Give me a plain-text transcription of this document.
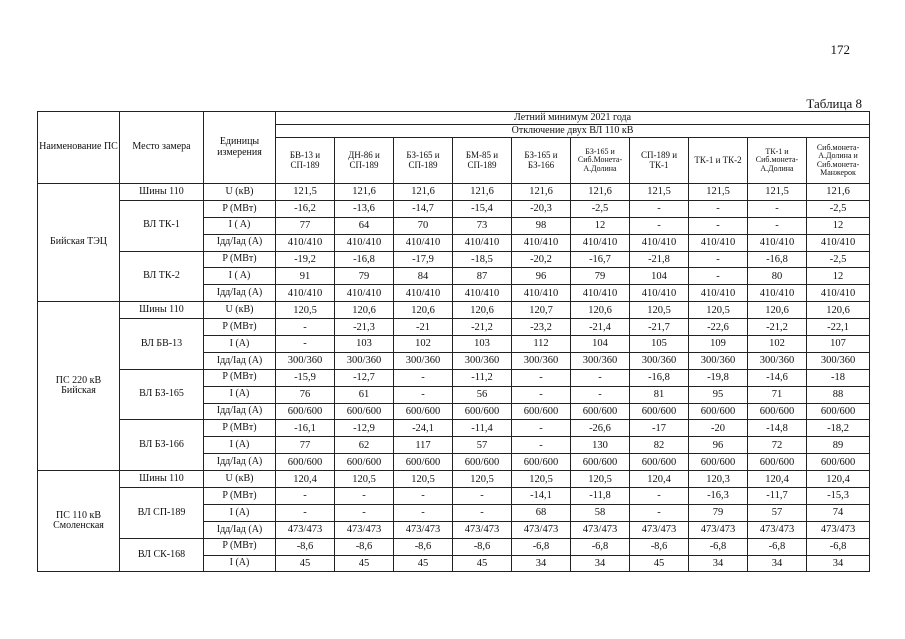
172
Таблица 8
Наименование ПС	Место замера	Единицы измерения	Летний минимум 2021 года									
			Отключение двух ВЛ 110 кВ									
			БВ-13 и СП-189	ДН-86 и СП-189	БЗ-165 и СП-189	БМ-85 и СП-189	БЗ-165 и БЗ-166	БЗ-165 и Сиб.Монета-А.Долина	СП-189 и ТК-1	ТК-1 и ТК-2	ТК-1 и Сиб.монета-А.Долина	Сиб.монета-А.Долина и Сиб.монета-Манжерок
Бийская ТЭЦ	Шины 110	U (кВ)	121,5	121,6	121,6	121,6	121,6	121,6	121,5	121,5	121,5	121,6
	ВЛ ТК-1	P (МВт)	-16,2	-13,6	-14,7	-15,4	-20,3	-2,5	-	-	-	-2,5
		I ( A)	77	64	70	73	98	12	-	-	-	12
		Iдд/Iад (A)	410/410	410/410	410/410	410/410	410/410	410/410	410/410	410/410	410/410	410/410
	ВЛ ТК-2	P (МВт)	-19,2	-16,8	-17,9	-18,5	-20,2	-16,7	-21,8	-	-16,8	-2,5
		I ( A)	91	79	84	87	96	79	104	-	80	12
		Iдд/Iад (A)	410/410	410/410	410/410	410/410	410/410	410/410	410/410	410/410	410/410	410/410
ПС 220 кВ Бийская	Шины 110	U (кВ)	120,5	120,6	120,6	120,6	120,7	120,6	120,5	120,5	120,6	120,6
	ВЛ БВ-13	P (МВт)	-	-21,3	-21	-21,2	-23,2	-21,4	-21,7	-22,6	-21,2	-22,1
		I (A)	-	103	102	103	112	104	105	109	102	107
		Iдд/Iад (A)	300/360	300/360	300/360	300/360	300/360	300/360	300/360	300/360	300/360	300/360
	ВЛ БЗ-165	P (МВт)	-15,9	-12,7	-	-11,2	-	-	-16,8	-19,8	-14,6	-18
		I (A)	76	61	-	56	-	-	81	95	71	88
		Iдд/Iад (A)	600/600	600/600	600/600	600/600	600/600	600/600	600/600	600/600	600/600	600/600
	ВЛ БЗ-166	P (МВт)	-16,1	-12,9	-24,1	-11,4	-	-26,6	-17	-20	-14,8	-18,2
		I (A)	77	62	117	57	-	130	82	96	72	89
		Iдд/Iад (A)	600/600	600/600	600/600	600/600	600/600	600/600	600/600	600/600	600/600	600/600
ПС 110 кВ Смоленская	Шины 110	U (кВ)	120,4	120,5	120,5	120,5	120,5	120,5	120,4	120,3	120,4	120,4
	ВЛ СП-189	P (МВт)	-	-	-	-	-14,1	-11,8	-	-16,3	-11,7	-15,3
		I (A)	-	-	-	-	68	58	-	79	57	74
		Iдд/Iад (A)	473/473	473/473	473/473	473/473	473/473	473/473	473/473	473/473	473/473	473/473
	ВЛ СК-168	P (МВт)	-8,6	-8,6	-8,6	-8,6	-6,8	-6,8	-8,6	-6,8	-6,8	-6,8
		I (A)	45	45	45	45	34	34	45	34	34	34
